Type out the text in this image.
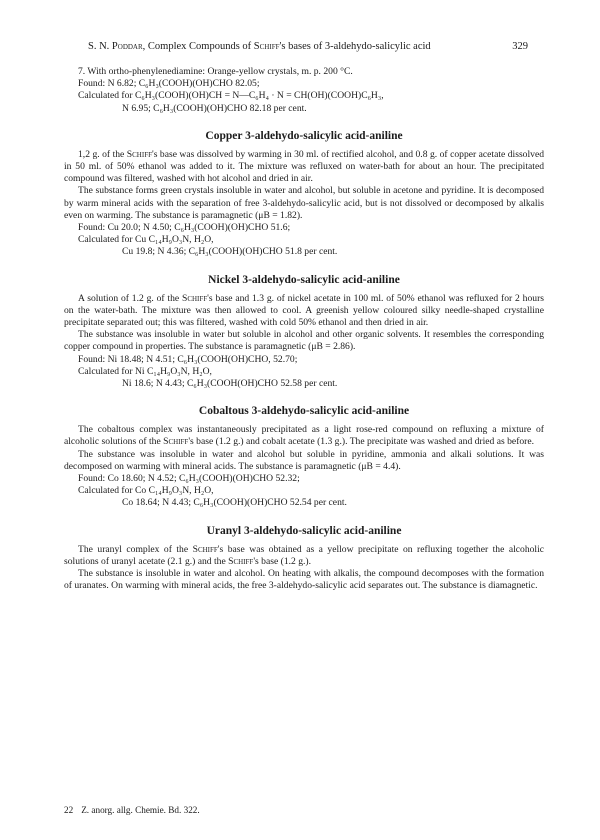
S. N. Poddar, Complex Compounds of Schiff's bases of 3-aldehydo-salicylic acid	329

7. With ortho-phenylenediamine: Orange-yellow crystals, m. p. 200 °C.

Found: N 6.82; C₆H₃(COOH)(OH)CHO 82.05;

Calculated for C₆H₃(COOH)(OH)CH = N—C₆H₄ · N = CH(OH)(COOH)C₆H₃,

N 6.95; C₆H₃(COOH)(OH)CHO 82.18 per cent.

Copper 3-aldehydo-salicylic acid-aniline

1,2 g. of the Schiff's base was dissolved by warming in 30 ml. of rectified alcohol, and 0.8 g. of copper acetate dissolved in 50 ml. of 50% ethanol was added to it. The mixture was refluxed on water-bath for about an hour. The precipitated compound was filtered, washed with hot alcohol and dried in air.

The substance forms green crystals insoluble in water and alcohol, but soluble in acetone and pyridine. It is decomposed by warm mineral acids with the separation of free 3-aldehydo-salicylic acid, but is not dissolved or decomposed by alkalis even on warming. The substance is paramagnetic (μB = 1.82).

Found: Cu 20.0; N 4.50; C₆H₃(COOH)(OH)CHO 51.6;

Calculated for Cu C₁₄H₉O₃N, H₂O,

Cu 19.8; N 4.36; C₆H₃(COOH)(OH)CHO 51.8 per cent.

Nickel 3-aldehydo-salicylic acid-aniline

A solution of 1.2 g. of the Schiff's base and 1.3 g. of nickel acetate in 100 ml. of 50% ethanol was refluxed for 2 hours on the water-bath. The mixture was then allowed to cool. A greenish yellow coloured silky needle-shaped crystalline precipitate separated out; this was filtered, washed with cold 50% ethanol and then dried in air.

The substance was insoluble in water but soluble in alcohol and other organic solvents. It resembles the corresponding copper compound in properties. The substance is paramagnetic (μB = 2.86).

Found: Ni 18.48; N 4.51; C₆H₃(COOH(OH)CHO, 52.70;

Calculated for Ni C₁₄H₉O₃N, H₂O,

Ni 18.6; N 4.43; C₆H₃(COOH(OH)CHO 52.58 per cent.

Cobaltous 3-aldehydo-salicylic acid-aniline

The cobaltous complex was instantaneously precipitated as a light rose-red compound on refluxing a mixture of alcoholic solutions of the Schiff's base (1.2 g.) and cobalt acetate (1.3 g.). The precipitate was washed and dried as before.

The substance was insoluble in water and alcohol but soluble in pyridine, ammonia and alkali solutions. It was decomposed on warming with mineral acids. The substance is paramagnetic (μB = 4.4).

Found: Co 18.60; N 4.52; C₆H₃(COOH)(OH)CHO 52.32;

Calculated for Co C₁₄H₉O₃N, H₂O,

Co 18.64; N 4.43; C₆H₃(COOH)(OH)CHO 52.54 per cent.

Uranyl 3-aldehydo-salicylic acid-aniline

The uranyl complex of the Schiff's base was obtained as a yellow precipitate on refluxing together the alcoholic solutions of uranyl acetate (2.1 g.) and the Schiff's base (1.2 g.).

The substance is insoluble in water and alcohol. On heating with alkalis, the compound decomposes with the formation of uranates. On warming with mineral acids, the free 3-aldehydo-salicylic acid separates out. The substance is diamagnetic.

22 Z. anorg. allg. Chemie. Bd. 322.
